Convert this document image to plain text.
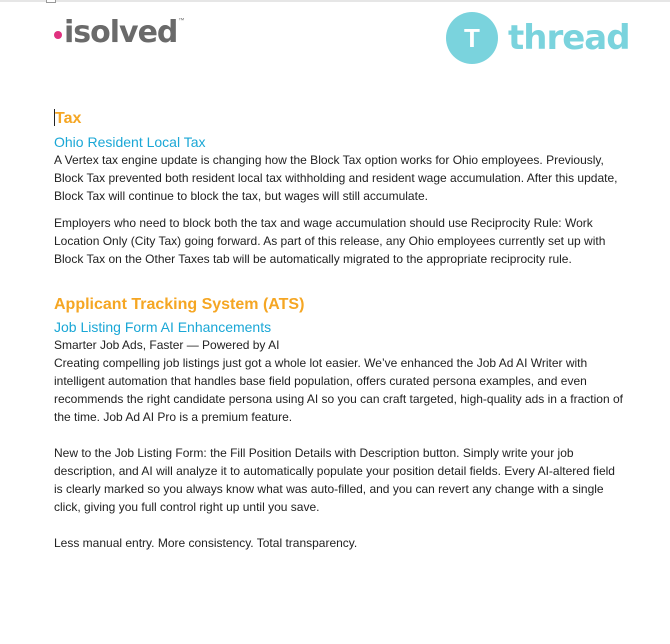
isolved ™
T thread

Tax

Ohio Resident Local Tax

A Vertex tax engine update is changing how the Block Tax option works for Ohio employees. Previously, Block Tax prevented both resident local tax withholding and resident wage accumulation. After this update, Block Tax will continue to block the tax, but wages will still accumulate.

Employers who need to block both the tax and wage accumulation should use Reciprocity Rule: Work Location Only (City Tax) going forward. As part of this release, any Ohio employees currently set up with Block Tax on the Other Taxes tab will be automatically migrated to the appropriate reciprocity rule.

Applicant Tracking System (ATS)

Job Listing Form AI Enhancements

Smarter Job Ads, Faster — Powered by AI

Creating compelling job listings just got a whole lot easier. We’ve enhanced the Job Ad AI Writer with intelligent automation that handles base field population, offers curated persona examples, and even recommends the right candidate persona using AI so you can craft targeted, high-quality ads in a fraction of the time. Job Ad AI Pro is a premium feature.

New to the Job Listing Form: the Fill Position Details with Description button. Simply write your job description, and AI will analyze it to automatically populate your position detail fields. Every AI-altered field is clearly marked so you always know what was auto-filled, and you can revert any change with a single click, giving you full control right up until you save.

Less manual entry. More consistency. Total transparency.
